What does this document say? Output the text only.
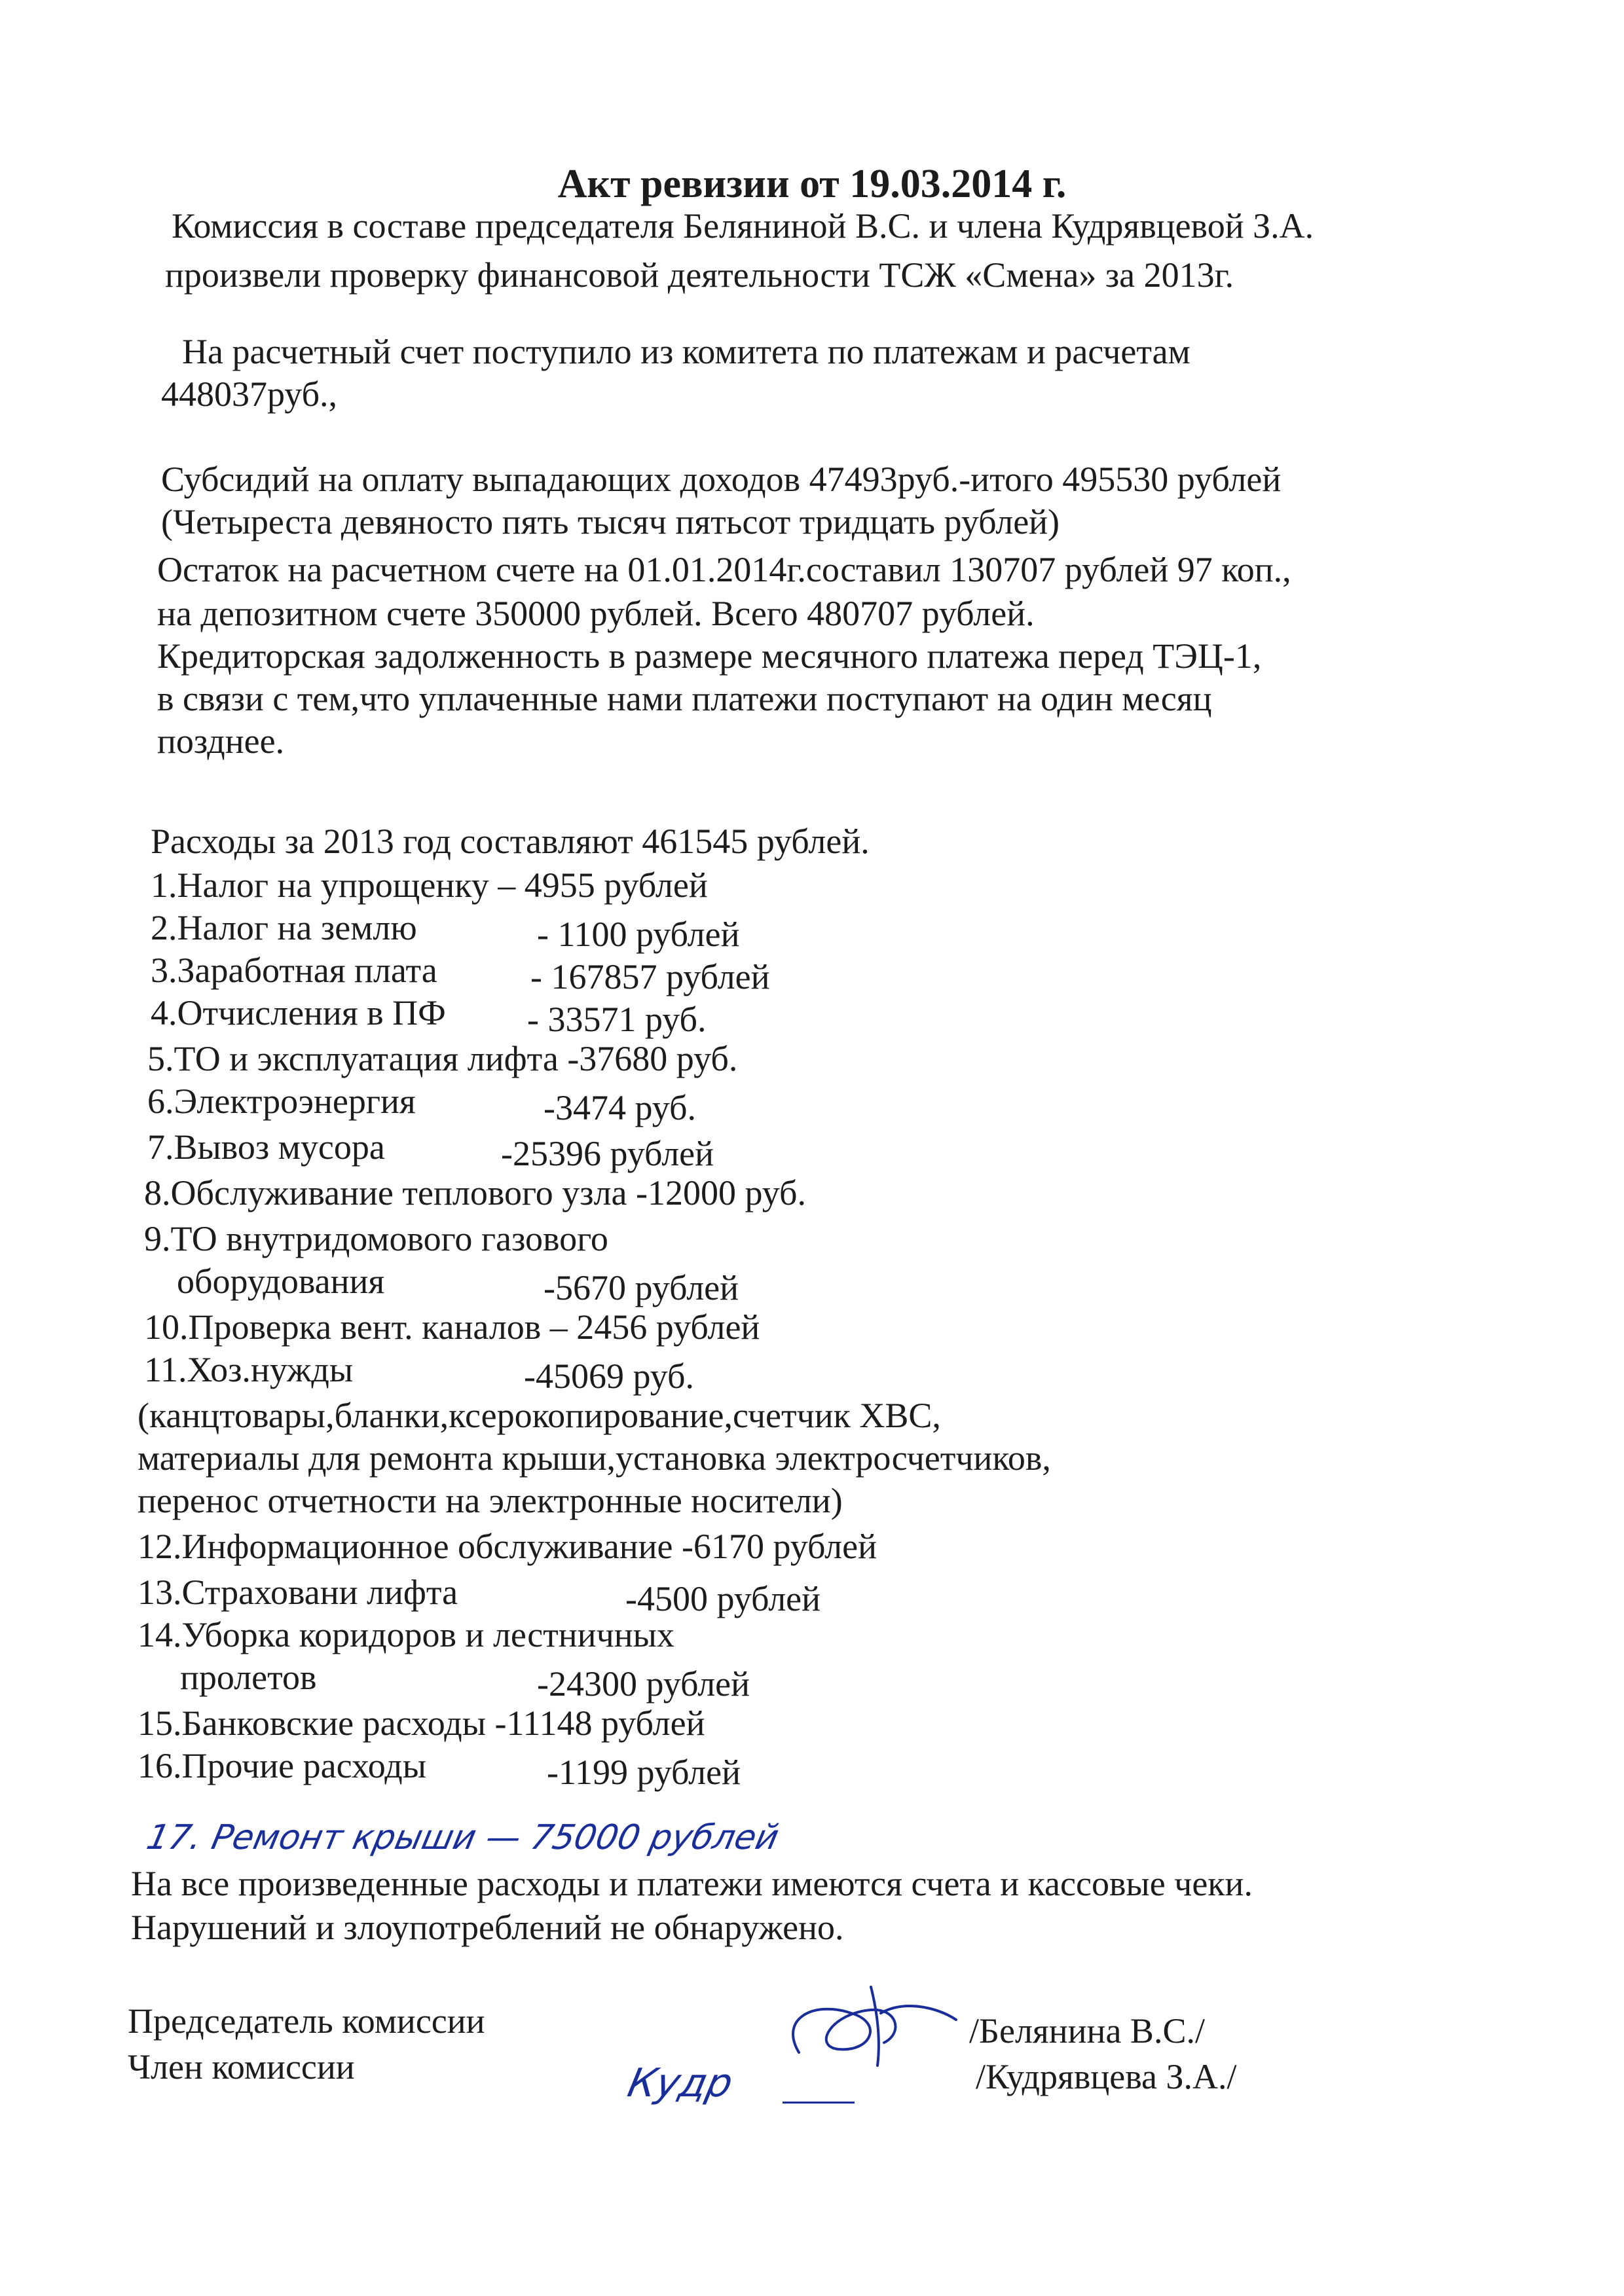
Акт ревизии от 19.03.2014 г.
Комиссия в составе председателя Белянинoй В.С. и члена Кудрявцевой З.А.
произвели проверку финансовой деятельности ТСЖ «Смена» за 2013г.
На расчетный счет поступило из комитета по платежам и расчетам
448037руб.,
Субсидий на оплату выпадающих доходов 47493руб.-итого 495530 рублей
(Четыреста девяносто пять тысяч пятьсот тридцать рублей)
Остаток на расчетном счете на 01.01.2014г.составил 130707 рублей 97 коп.,
на депозитном счете 350000 рублей. Всего 480707 рублей.
Кредиторская задолженность в размере месячного платежа перед ТЭЦ-1,
в связи с тем,что уплаченные нами платежи поступают на один месяц
позднее.
Расходы за 2013 год составляют 461545 рублей.
1.Налог на упрощенку – 4955 рублей
2.Налог на землю	- 1100 рублей
3.Заработная плата	- 167857 рублей
4.Отчисления в ПФ - 33571 руб.
5.ТО и эксплуатация лифта -37680 руб.
6.Электроэнергия	-3474 руб.
7.Вывоз мусора	-25396 рублей
8.Обслуживание теплового узла -12000 руб.
9.ТО внутридомового газового
оборудования	-5670 рублей
10.Проверка вент. каналов – 2456 рублей
11.Хоз.нужды	-45069 руб.
(канцтовары,бланки,ксерокопирование,счетчик ХВС,
материалы для ремонта крыши,установка электросчетчиков,
перенос отчетности на электронные носители)
12.Информационное обслуживание -6170 рублей
13.Страховани лифта	-4500 рублей
14.Уборка коридоров и лестничных
пролетов	-24300 рублей
15.Банковские расходы -11148 рублей
16.Прочие расходы	-1199 рублей
17. Ремонт крыши — 75000 рублей
На все произведенные расходы и платежи имеются счета и кассовые чеки.
Нарушений и злоупотреблений не обнаружено.
Председатель комиссии
Член комиссии
/Белянина В.С./
/Кудрявцева З.А./
Кудр
